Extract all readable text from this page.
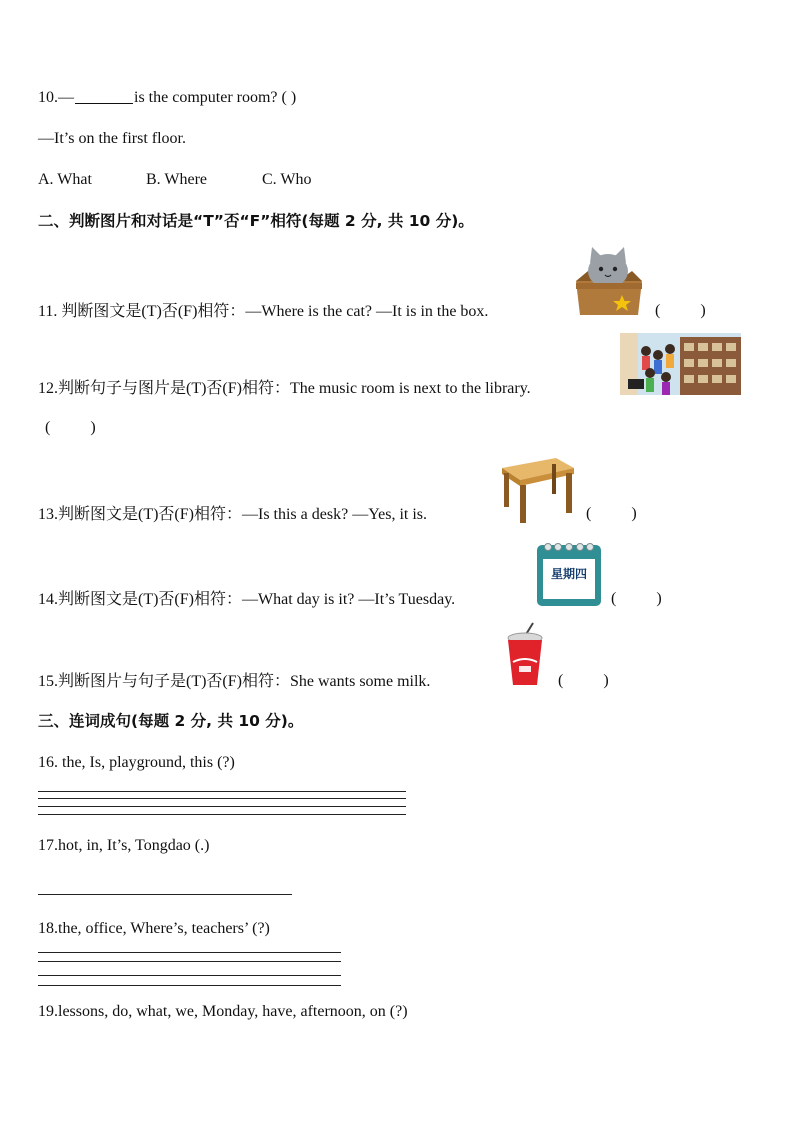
10.—	is the computer room? ( )
—It’s on the first floor.
A. What	B. Where	C. Who
二、判断图片和对话是“T”否“F”相符(每题 2 分, 共 10 分)。
11. 判断图文是(T)否(F)相符：—Where is the cat? —It is in the box.	(          )
12.判断句子与图片是(T)否(F)相符：The music room is next to the library.
(          )
13.判断图文是(T)否(F)相符：—Is this a desk? —Yes, it is.	(          )
星期四
14.判断图文是(T)否(F)相符：—What day is it? —It’s Tuesday.	(          )
15.判断图片与句子是(T)否(F)相符：She wants some milk.	(          )
三、连词成句(每题 2 分, 共 10 分)。
16. the, Is, playground, this (?)
17.hot, in, It’s, Tongdao (.)
18.the, office, Where’s, teachers’ (?)
19.lessons, do, what, we, Monday, have, afternoon, on (?)
